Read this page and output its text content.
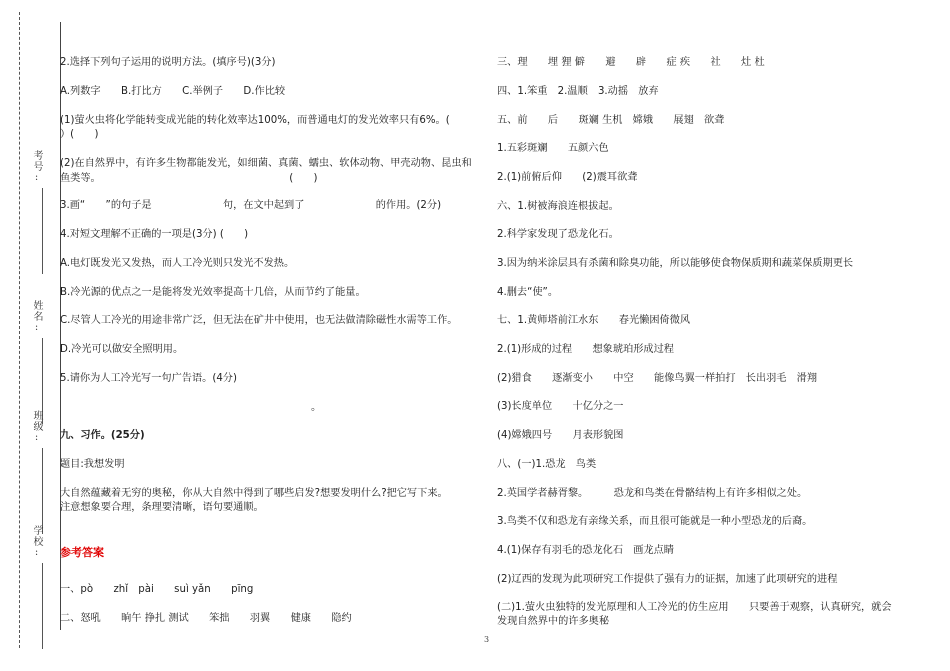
考号:
姓名:
班级:
学校:
2.选择下列句子运用的说明方法。(填序号)(3分)
A.列数字　　B.打比方　　C.举例子　　D.作比较
(1)萤火虫将化学能转变成光能的转化效率达100%，而普通电灯的发光效率只有6%。(
）(　　)
(2)在自然界中，有许多生物都能发光，如细菌、真菌、蠕虫、软体动物、甲壳动物、昆虫和
鱼类等。　　　　　　　　　　　　　　　　　　　(　　)
3.画“　　”的句子是　　　　　　　句，在文中起到了　　　　　　　的作用。(2分)
4.对短文理解不正确的一项是(3分) (　　)
A.电灯既发光又发热，而人工冷光则只发光不发热。
B.冷光源的优点之一是能将发光效率提高十几倍，从而节约了能量。
C.尽管人工冷光的用途非常广泛，但无法在矿井中使用，也无法做清除磁性水需等工作。
D.冷光可以做安全照明用。
5.请你为人工冷光写一句广告语。(4分)
。
九、习作。(25分)
题目:我想发明
大自然蕴藏着无穷的奥秘，你从大自然中得到了哪些启发?想要发明什么?把它写下来。
注意想象要合理，条理要清晰，语句要通顺。
参考答案
一、pò　　zhǐ　pài　　suì yǎn　　pīng
二、怒吼　　晌午 挣扎 测试　　笨拙　　羽翼　　健康　　隐约
三、理　　埋 狸 僻　　避　　辟　　症 疾　　社　　灶 杜
四、1.笨重　2.温顺　3.动摇　放弃
五、前　　后　　斑斓 生机　嫦娥　　展翅　欲聋
1.五彩斑斓　　五颜六色
2.(1)前俯后仰　　(2)震耳欲聋
六、1.树被海浪连根拔起。
2.科学家发现了恐龙化石。
3.因为纳米涂层具有杀菌和除臭功能，所以能够使食物保质期和蔬菜保质期更长
4.删去“使”。
七、1.黄师塔前江水东　　春光懒困倚微风
2.(1)形成的过程　　想象琥珀形成过程
(2)猎食　　逐渐变小　　中空　　能像鸟翼一样拍打　长出羽毛　滑翔
(3)长度单位　　十亿分之一
(4)嫦娥四号　　月表形貌图
八、(一)1.恐龙　鸟类
2.英国学者赫胥黎。　　　恐龙和鸟类在骨骼结构上有许多相似之处。
3.鸟类不仅和恐龙有亲缘关系，而且很可能就是一种小型恐龙的后裔。
4.(1)保存有羽毛的恐龙化石　画龙点睛
(2)辽西的发现为此项研究工作提供了强有力的证据，加速了此项研究的进程
(二)1.萤火虫独特的发光原理和人工冷光的仿生应用　　只要善于观察，认真研究，就会
发现自然界中的许多奥秘
3
